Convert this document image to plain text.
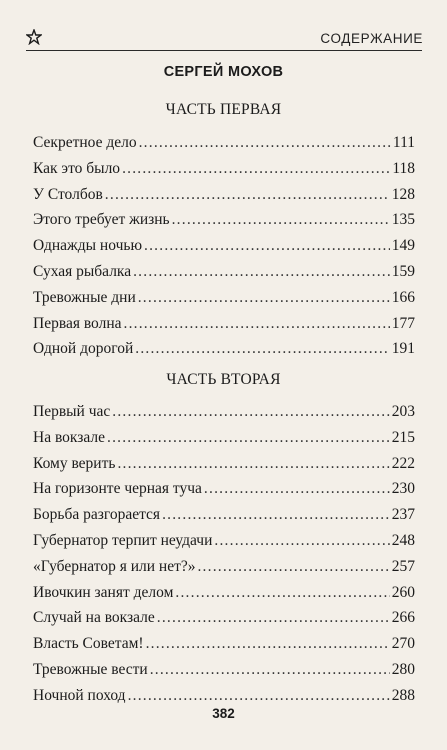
СОДЕРЖАНИЕ
СЕРГЕЙ МОХОВ
ЧАСТЬ ПЕРВАЯ
Секретное дело .....	111
Как это было .....	118
У Столбов .....	128
Этого требует жизнь .....	135
Однажды ночью .....	149
Сухая рыбалка .....	159
Тревожные дни .....	166
Первая волна .....	177
Одной дорогой .....	191
ЧАСТЬ ВТОРАЯ
Первый час .....	203
На вокзале .....	215
Кому верить .....	222
На горизонте черная туча .....	230
Борьба разгорается .....	237
Губернатор терпит неудачи .....	248
«Губернатор я или нет?» .....	257
Ивочкин занят делом .....	260
Случай на вокзале .....	266
Власть Советам! .....	270
Тревожные вести .....	280
Ночной поход .....	288
382
